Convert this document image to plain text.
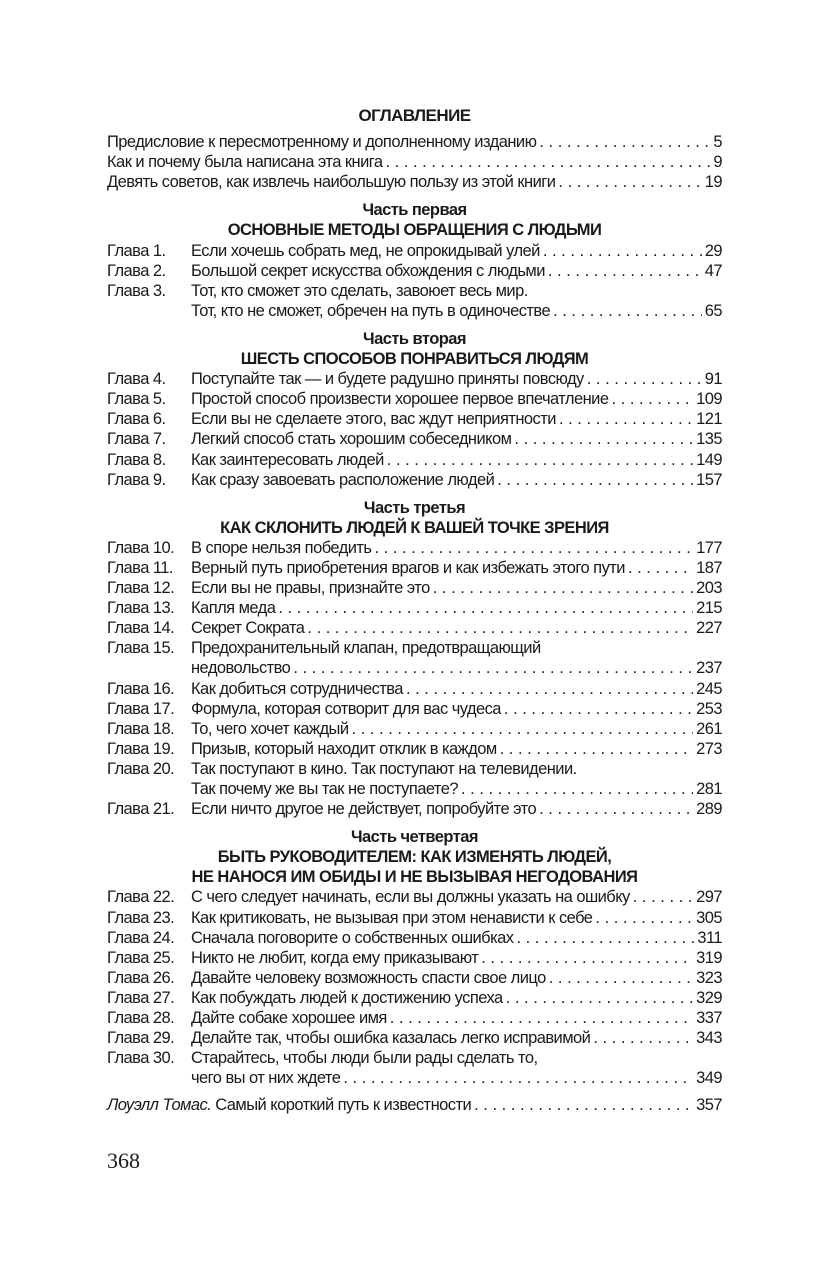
ОГЛАВЛЕНИЕ
Предисловие к пересмотренному и дополненному изданию . . .	5
Как и почему была написана эта книга . . .	9
Девять советов, как извлечь наибольшую пользу из этой книги . . .	19
Часть первая
ОСНОВНЫЕ МЕТОДЫ ОБРАЩЕНИЯ С ЛЮДЬМИ
Глава 1.	Если хочешь собрать мед, не опрокидывай улей . . .	29
Глава 2.	Большой секрет искусства обхождения с людьми . . .	47
Глава 3.	Тот, кто сможет это сделать, завоюет весь мир.
Тот, кто не сможет, обречен на путь в одиночестве . . .	65
Часть вторая
ШЕСТЬ СПОСОБОВ ПОНРАВИТЬСЯ ЛЮДЯМ
Глава 4.	Поступайте так — и будете радушно приняты повсюду . . .	91
Глава 5.	Простой способ произвести хорошее первое впечатление . . .	109
Глава 6.	Если вы не сделаете этого, вас ждут неприятности . . .	121
Глава 7.	Легкий способ стать хорошим собеседником . . .	135
Глава 8.	Как заинтересовать людей . . .	149
Глава 9.	Как сразу завоевать расположение людей . . .	157
Часть третья
КАК СКЛОНИТЬ ЛЮДЕЙ К ВАШЕЙ ТОЧКЕ ЗРЕНИЯ
Глава 10.	В споре нельзя победить . . .	177
Глава 11.	Верный путь приобретения врагов и как избежать этого пути . . .	187
Глава 12.	Если вы не правы, признайте это . . .	203
Глава 13.	Капля меда . . .	215
Глава 14.	Секрет Сократа . . .	227
Глава 15.	Предохранительный клапан, предотвращающий
недовольство . . .	237
Глава 16.	Как добиться сотрудничества . . .	245
Глава 17.	Формула, которая сотворит для вас чудеса . . .	253
Глава 18.	То, чего хочет каждый . . .	261
Глава 19.	Призыв, который находит отклик в каждом . . .	273
Глава 20.	Так поступают в кино. Так поступают на телевидении.
Так почему же вы так не поступаете? . . .	281
Глава 21.	Если ничто другое не действует, попробуйте это . . .	289
Часть четвертая
БЫТЬ РУКОВОДИТЕЛЕМ: КАК ИЗМЕНЯТЬ ЛЮДЕЙ,
НЕ НАНОСЯ ИМ ОБИДЫ И НЕ ВЫЗЫВАЯ НЕГОДОВАНИЯ
Глава 22.	С чего следует начинать, если вы должны указать на ошибку . . .	297
Глава 23.	Как критиковать, не вызывая при этом ненависти к себе . . .	305
Глава 24.	Сначала поговорите о собственных ошибках . . .	311
Глава 25.	Никто не любит, когда ему приказывают . . .	319
Глава 26.	Давайте человеку возможность спасти свое лицо . . .	323
Глава 27.	Как побуждать людей к достижению успеха . . .	329
Глава 28.	Дайте собаке хорошее имя . . .	337
Глава 29.	Делайте так, чтобы ошибка казалась легко исправимой . . .	343
Глава 30.	Старайтесь, чтобы люди были рады сделать то,
чего вы от них ждете . . .	349
Лоуэлл Томас. Самый короткий путь к известности . . .	357
368
